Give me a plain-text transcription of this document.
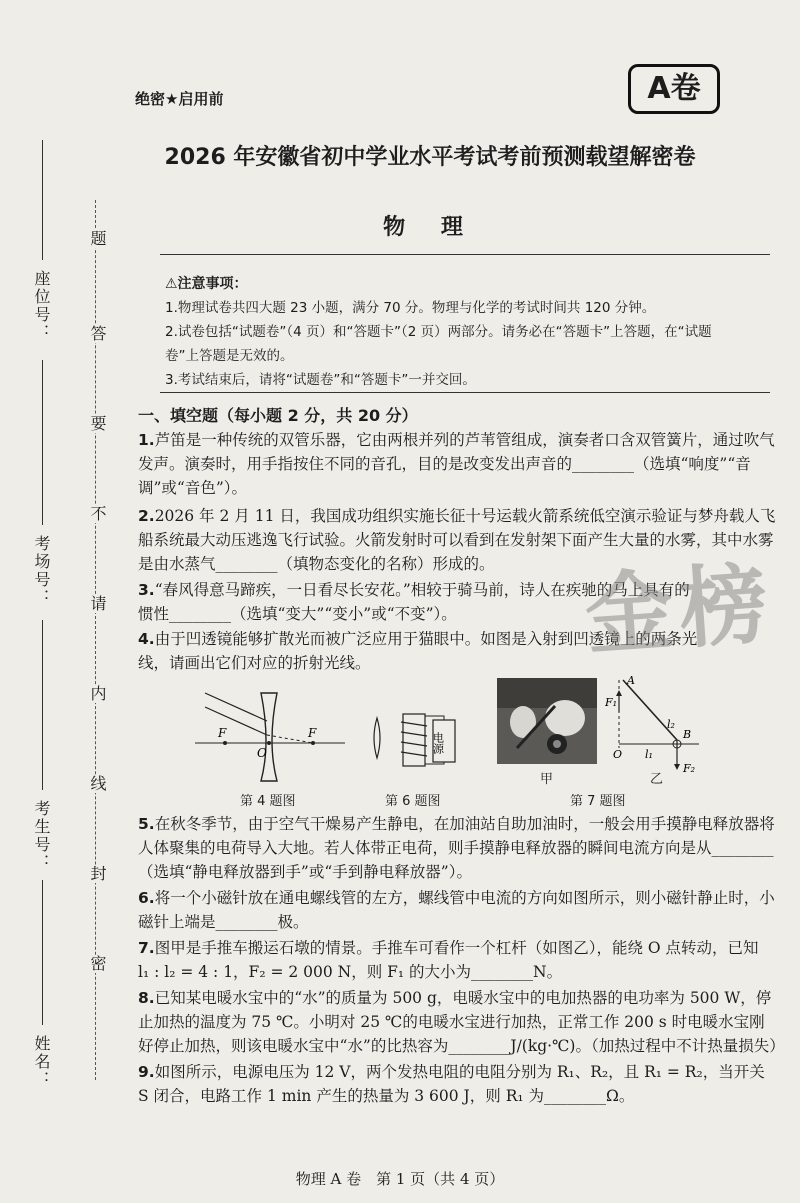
座位号：
考场号：
考生号：
姓名：
题
答
要
不
请
内
线
封
密
绝密★启用前	A卷
2026 年安徽省初中学业水平考试考前预测载望解密卷
物 理
⚠注意事项：
1.物理试卷共四大题 23 小题，满分 70 分。物理与化学的考试时间共 120 分钟。
2.试卷包括“试题卷”（4 页）和“答题卡”（2 页）两部分。请务必在“答题卡”上答题，在“试题
卷”上答题是无效的。
3.考试结束后，请将“试题卷”和“答题卡”一并交回。
一、填空题（每小题 2 分，共 20 分）
1.芦笛是一种传统的双管乐器，它由两根并列的芦苇管组成，演奏者口含双管簧片，通过吹气发声。演奏时，用手指按住不同的音孔，目的是改变发出声音的________（选填“响度”“音调”或“音色”）。
2.2026 年 2 月 11 日，我国成功组织实施长征十号运载火箭系统低空演示验证与梦舟载人飞船系统最大动压逃逸飞行试验。火箭发射时可以看到在发射架下面产生大量的水雾，其中水雾是由水蒸气________（填物态变化的名称）形成的。
3.“春风得意马蹄疾，一日看尽长安花。”相较于骑马前，诗人在疾驰的马上具有的惯性________（选填“变大”“变小”或“不变”）。
4.由于凹透镜能够扩散光而被广泛应用于猫眼中。如图是入射到凹透镜上的两条光线，请画出它们对应的折射光线。
F
O
F
第 4 题图
电源
第 6 题图
甲
A
F₁
l₂
B
l₁
O
F₂
乙
第 7 题图
5.在秋冬季节，由于空气干燥易产生静电，在加油站自助加油时，一般会用手摸静电释放器将人体聚集的电荷导入大地。若人体带正电荷，则手摸静电释放器的瞬间电流方向是从________（选填“静电释放器到手”或“手到静电释放器”）。
6.将一个小磁针放在通电螺线管的左方，螺线管中电流的方向如图所示，则小磁针静止时，小磁针上端是________极。
7.图甲是手推车搬运石墩的情景。手推车可看作一个杠杆（如图乙），能绕 O 点转动，已知
l₁ : l₂ = 4 : 1，F₂ = 2 000 N，则 F₁ 的大小为________N。
8.已知某电暖水宝中的“水”的质量为 500 g，电暖水宝中的电加热器的电功率为 500 W，停止加热的温度为 75 ℃。小明对 25 ℃的电暖水宝进行加热，正常工作 200 s 时电暖水宝刚好停止加热，则该电暖水宝中“水”的比热容为________J/(kg·℃)。（加热过程中不计热量损失）
9.如图所示，电源电压为 12 V，两个发热电阻的电阻分别为 R₁、R₂，且 R₁ = R₂，当开关 S 闭合，电路工作 1 min 产生的热量为 3 600 J，则 R₁ 为________Ω。
金榜
物理 A 卷　第 1 页（共 4 页）
